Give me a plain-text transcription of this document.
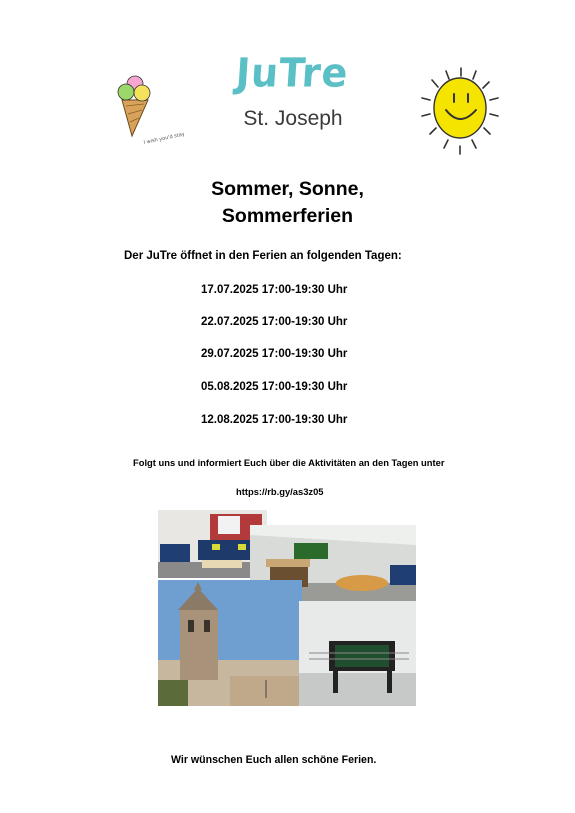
I wish you'd stay
JuTre
St. Joseph
Sommer, Sonne,
Sommerferien
Der JuTre öffnet in den Ferien an folgenden Tagen:
17.07.2025 17:00-19:30 Uhr
22.07.2025 17:00-19:30 Uhr
29.07.2025 17:00-19:30 Uhr
05.08.2025 17:00-19:30 Uhr
12.08.2025 17:00-19:30 Uhr
Folgt uns und informiert Euch über die Aktivitäten an den Tagen unter
https://rb.gy/as3z05
Wir wünschen Euch allen schöne Ferien.
